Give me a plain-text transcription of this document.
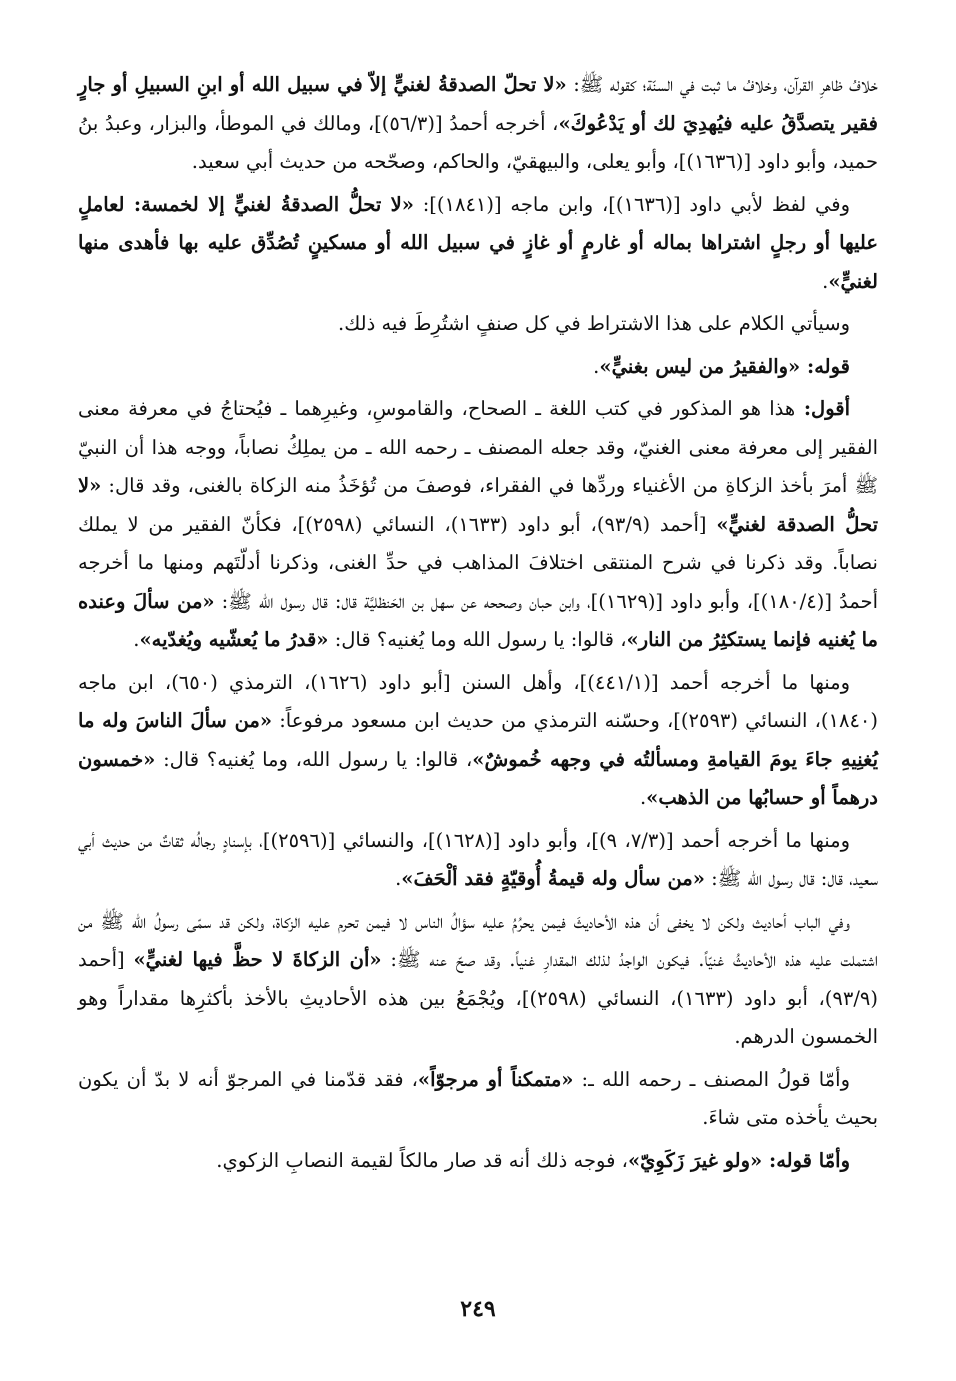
خلافُ ظاهرِ القرآن، وخلافُ ما ثبت في السنّة؛ كقوله ﷺ: «لا تحلّ الصدقةُ لغنيٍّ إلاّ في سبيل الله أو ابنِ السبيلِ أو جارٍ فقير يتصدَّقُ عليه فيُهدِيَ لك أو يَدْعُوكَ»، أخرجه أحمدُ [(٥٦/٣)]، ومالك في الموطأ، والبزار، وعبدُ بنُ حميد، وأبو داود [(١٦٣٦)]، وأبو يعلى، والبيهقيّ، والحاكم، وصحّحه من حديث أبي سعيد.

وفي لفظ لأبي داود [(١٦٣٦)]، وابن ماجه [(١٨٤١)]: «لا تحلُّ الصدقةُ لغنيٍّ إلا لخمسة: لعاملٍ عليها أو رجلٍ اشتراها بماله أو غارمٍ أو غازٍ في سبيل الله أو مسكينٍ تُصُدِّق عليه بها فأهدى منها لغنيٍّ».

وسيأتي الكلام على هذا الاشتراط في كل صنفٍ اشتُرِطَ فيه ذلك.

قوله: «والفقيرُ من ليس بغنيٍّ».

أقول: هذا هو المذكور في كتب اللغة ـ الصحاح، والقاموسِ، وغيرِهما ـ فيُحتاجُ في معرفة معنى الفقير إلى معرفة معنى الغنيّ، وقد جعله المصنف ـ رحمه الله ـ من يملِكُ نصاباً، ووجه هذا أن النبيّ ﷺ أمرَ بأخذ الزكاةِ من الأغنياء وردِّها في الفقراء، فوصفَ من تُؤخَذُ منه الزكاة بالغنى، وقد قال: «لا تحلُّ الصدقة لغنيٍّ» [أحمد (٩٣/٩)، أبو داود (١٦٣٣)، النسائي (٢٥٩٨)]، فكأنّ الفقير من لا يملك نصاباً. وقد ذكرنا في شرح المنتقى اختلافَ المذاهب في حدِّ الغنى، وذكرنا أدلّتَهم ومنها ما أخرجه أحمدُ [(١٨٠/٤)]، وأبو داود [(١٦٢٩)]، وابن حبان وصححه عن سهل بن الحَنظليَّة قال: قال رسول الله ﷺ: «من سألَ وعنده ما يُغنيه فإنما يستكثِرُ من النار»، قالوا: يا رسول الله وما يُغنيه؟ قال: «قدرُ ما يُعشّيه ويُغدّيه».

ومنها ما أخرجه أحمد [(٤٤١/١)]، وأهل السنن [أبو داود (١٦٢٦)، الترمذي (٦٥٠)، ابن ماجه (١٨٤٠)، النسائي (٢٥٩٣)]، وحسّنه الترمذي من حديث ابن مسعود مرفوعاً: «من سألَ الناسَ وله ما يُغنِيهِ جاءَ يومَ القيامةِ ومسألتُه في وجهه خُموشٌ»، قالوا: يا رسول الله، وما يُغنيه؟ قال: «خمسون درهماً أو حسابُها من الذهب».

ومنها ما أخرجه أحمد [(٧/٣، ٩)]، وأبو داود [(١٦٢٨)]، والنسائي [(٢٥٩٦)]، بإسنادٍ رجالُه ثقاتٌ من حديث أبي سعيد، قال: قال رسول الله ﷺ: «من سأل وله قيمةُ أُوقيّةٍ فقد ألْحَفَ».

وفي الباب أحاديث ولكن لا يخفى أن هذه الأحاديثَ فيمن يحرُمُ عليه سؤالُ الناس لا فيمن تحرم عليه الزكاة، ولكن قد سمّى رسولُ الله ﷺ من اشتملت عليه هذه الأحاديثُ غنيّاً. فيكون الواجدُ لذلك المقدارِ غنياً. وقد صحّ عنه ﷺ: «أن الزكاةَ لا حظَّ فيها لغنيٍّ» [أحمد (٩٣/٩)، أبو داود (١٦٣٣)، النسائي (٢٥٩٨)]، ويُجْمَعُ بين هذه الأحاديثِ بالأخذ بأكثرِها مقداراً وهو الخمسون الدرهم.

وأمّا قولُ المصنف ـ رحمه الله ـ: «متمكناً أو مرجوّاً»، فقد قدّمنا في المرجوّ أنه لا بدّ أن يكون بحيث يأخذه متى شاءَ.

وأمّا قوله: «ولو غيرَ زَكَوِيّ»، فوجه ذلك أنه قد صار مالكاً لقيمة النصابِ الزكوي.

٢٤٩
